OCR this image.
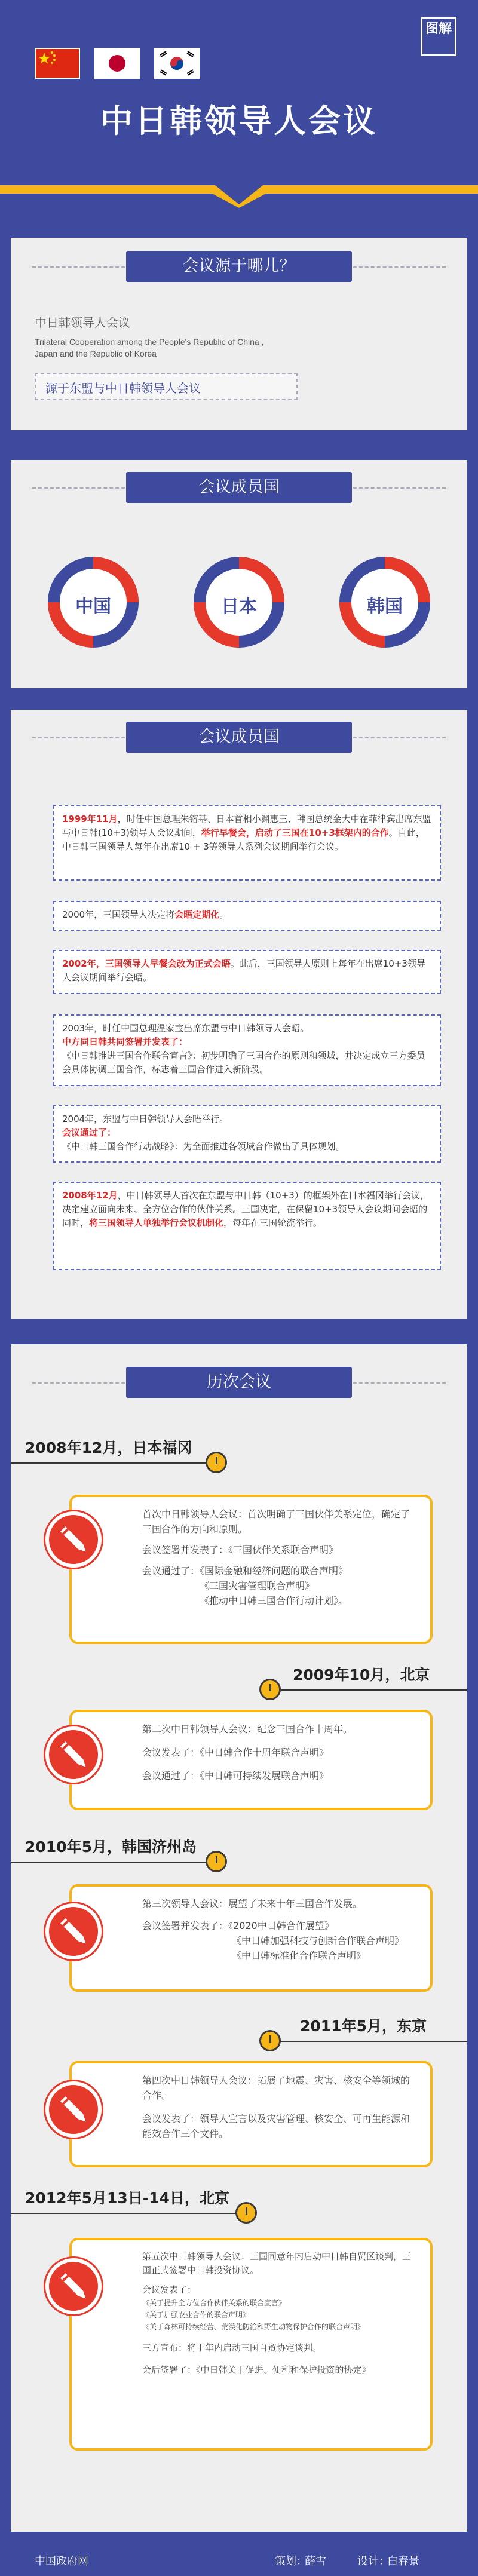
图解
中日韩领导人会议
会议源于哪儿？
中日韩领导人会议
Trilateral Cooperation among the People's Republic of China ,
Japan and the Republic of Korea
源于东盟与中日韩领导人会议
会议成员国
中国	日本	韩国
会议成员国
1999年11月，时任中国总理朱镕基、日本首相小渊惠三、韩国总统金大中在菲律宾出席东盟与中日韩(10+3)领导人会议期间，举行早餐会，启动了三国在10+3框架内的合作。自此，中日韩三国领导人每年在出席10 + 3等领导人系列会议期间举行会议。
2000年，三国领导人决定将会晤定期化。
2002年，三国领导人早餐会改为正式会晤。此后，三国领导人原则上每年在出席10+3领导人会议期间举行会晤。
2003年，时任中国总理温家宝出席东盟与中日韩领导人会晤。
中方同日韩共同签署并发表了：
《中日韩推进三国合作联合宣言》：初步明确了三国合作的原则和领域，并决定成立三方委员会具体协调三国合作，标志着三国合作进入新阶段。
2004年，东盟与中日韩领导人会晤举行。
会议通过了：
《中日韩三国合作行动战略》：为全面推进各领域合作做出了具体规划。
2008年12月，中日韩领导人首次在东盟与中日韩（10+3）的框架外在日本福冈举行会议，决定建立面向未来、全方位合作的伙伴关系。三国决定，在保留10+3领导人会议期间会晤的同时，将三国领导人单独举行会议机制化，每年在三国轮流举行。
历次会议
2008年12月，日本福冈
首次中日韩领导人会议：首次明确了三国伙伴关系定位，确定了三国合作的方向和原则。
会议签署并发表了：《三国伙伴关系联合声明》
会议通过了：《国际金融和经济问题的联合声明》
《三国灾害管理联合声明》
《推动中日韩三国合作行动计划》。
2009年10月，北京
第二次中日韩领导人会议：纪念三国合作十周年。
会议发表了：《中日韩合作十周年联合声明》
会议通过了：《中日韩可持续发展联合声明》
2010年5月，韩国济州岛
第三次领导人会议：展望了未来十年三国合作发展。
会议签署并发表了：《2020中日韩合作展望》
《中日韩加强科技与创新合作联合声明》
《中日韩标准化合作联合声明》
2011年5月，东京
第四次中日韩领导人会议：拓展了地震、灾害、核安全等领域的合作。
会议发表了：领导人宣言以及灾害管理、核安全、可再生能源和能效合作三个文件。
2012年5月13日-14日，北京
第五次中日韩领导人会议：三国同意年内启动中日韩自贸区谈判，三国正式签署中日韩投资协议。
会议发表了：
《关于提升全方位合作伙伴关系的联合宣言》
《关于加强农业合作的联合声明》
《关于森林可持续经营、荒漠化防治和野生动物保护合作的联合声明》
三方宣布：将于年内启动三国自贸协定谈判。
会后签署了：《中日韩关于促进、便利和保护投资的协定》
中国政府网	策划：
薛雪	设计：
白春景
